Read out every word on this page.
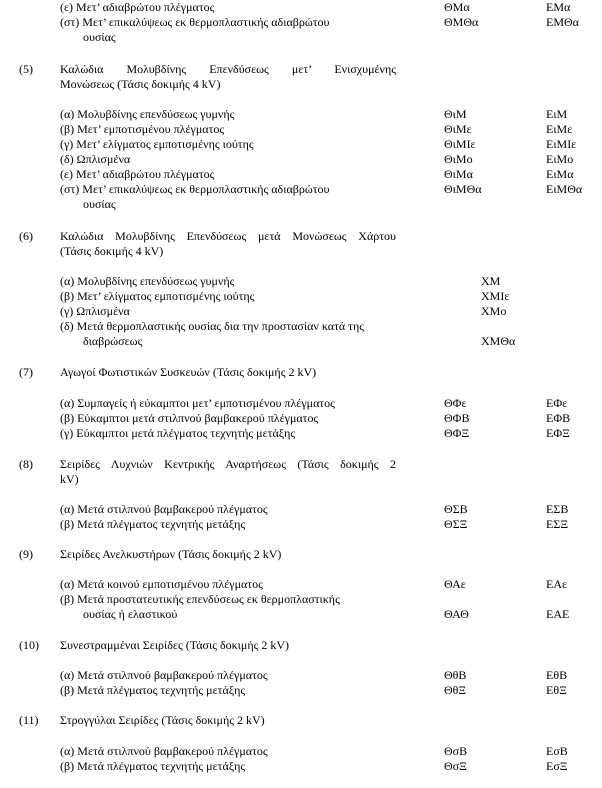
(ε) Μετ’ αδιαβρώτου πλέγματος	ΘΜα	ΕΜα
(στ) Μετ’ επικαλύψεως εκ θερμοπλαστικής αδιαβρώτου	ΘΜΘα	ΕΜΘα
ουσίας
(5) Καλώδια Μολυβδίνης Επενδύσεως μετ’ Ενισχυμένης
Μονώσεως (Τάσις δοκιμής 4 kV)
(α) Μολυβδίνης επενδύσεως γυμνής	ΘιΜ	ΕιΜ
(β) Μετ’ εμποτισμένου πλέγματος	ΘιΜε	ΕιΜε
(γ) Μετ’ ελίγματος εμποτισμένης ιούτης	ΘιΜΙε	ΕιΜΙε
(δ) Ωπλισμένα	ΘιΜο	ΕιΜο
(ε) Μετ’ αδιαβρώτου πλέγματος	ΘιΜα	ΕιΜα
(στ) Μετ’ επικαλύψεως εκ θερμοπλαστικής αδιαβρώτου	ΘιΜΘα	ΕιΜΘα
ουσίας
(6) Καλώδια Μολυβδίνης Επενδύσεως μετά Μονώσεως Χάρτου
(Τάσις δοκιμής 4 kV)
(α) Μολυβδίνης επενδύσεως γυμνής	ΧΜ
(β) Μετ’ ελίγματος εμποτισμένης ιούτης	ΧΜΙε
(γ) Ωπλισμένα	ΧΜο
(δ) Μετά θερμοπλαστικής ουσίας δια την προστασίαν κατά της
διαβρώσεως	ΧΜΘα
(7) Αγωγοί Φωτιστικών Συσκευών (Τάσις δοκιμής 2 kV)
(α) Συμπαγείς ή εύκαμπτοι μετ’ εμποτισμένου πλέγματος	ΘΦε	ΕΦε
(β) Εύκαμπτοι μετά στιλπνού βαμβακερού πλέγματος	ΘΦΒ	ΕΦΒ
(γ) Εύκαμπτοι μετά πλέγματος τεχνητής μετάξης	ΘΦΞ	ΕΦΞ
(8) Σειρίδες Λυχνιών Κεντρικής Αναρτήσεως (Τάσις δοκιμής 2
kV)
(α) Μετά στιλπνού βαμβακερού πλέγματος	ΘΣΒ	ΕΣΒ
(β) Μετά πλέγματος τεχνητής μετάξης	ΘΣΞ	ΕΣΞ
(9) Σειρίδες Ανελκυστήρων (Τάσις δοκιμής 2 kV)
(α) Μετά κοινού εμποτισμένου πλέγματος	ΘΑε	ΕΑε
(β) Μετά προστατευτικής επενδύσεως εκ θερμοπλαστικής
ουσίας ή ελαστικού	ΘΑΘ	ΕΑΕ
(10) Συνεστραμμέναι Σειρίδες (Τάσις δοκιμής 2 kV)
(α) Μετά στιλπνού βαμβακερού πλέγματος	ΘθΒ	ΕθΒ
(β) Μετά πλέγματος τεχνητής μετάξης	ΘθΞ	ΕθΞ
(11) Στρογγύλαι Σειρίδες (Τάσις δοκιμής 2 kV)
(α) Μετά στιλπνού βαμβακερού πλέγματος	ΘσΒ	ΕσΒ
(β) Μετά πλέγματος τεχνητής μετάξης	ΘσΞ	ΕσΞ
